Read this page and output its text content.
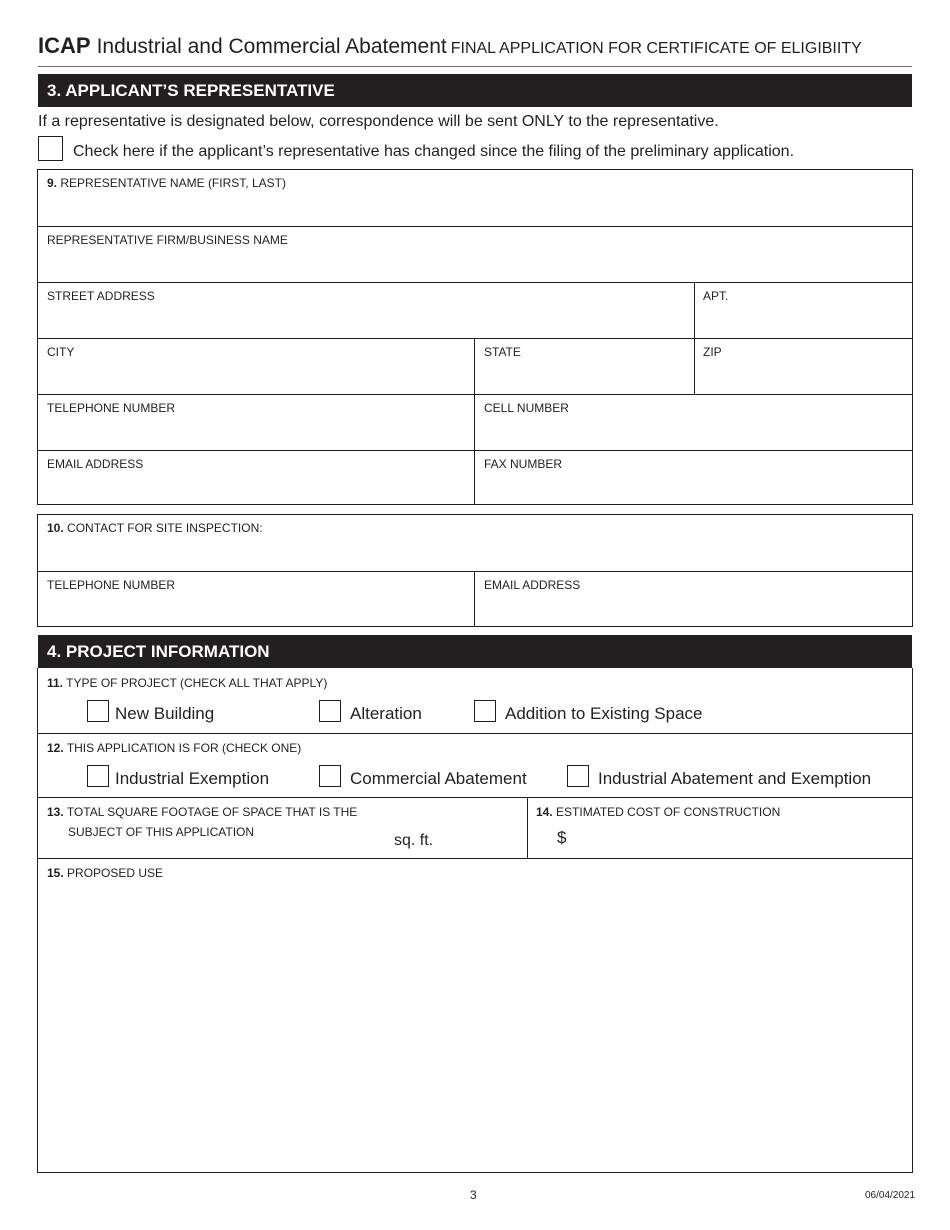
ICAP Industrial and Commercial Abatement FINAL APPLICATION FOR CERTIFICATE OF ELIGIBIITY
3. APPLICANT’S REPRESENTATIVE
If a representative is designated below, correspondence will be sent ONLY to the representative.
Check here if the applicant’s representative has changed since the filing of the preliminary application.
9. REPRESENTATIVE NAME (FIRST, LAST)
REPRESENTATIVE FIRM/BUSINESS NAME
STREET ADDRESS	APT.
CITY	STATE	ZIP
TELEPHONE NUMBER	CELL NUMBER
EMAIL ADDRESS	FAX NUMBER
10. CONTACT FOR SITE INSPECTION:
TELEPHONE NUMBER	EMAIL ADDRESS
4. PROJECT INFORMATION
11. TYPE OF PROJECT (CHECK ALL THAT APPLY)
New Building	Alteration	Addition to Existing Space
12. THIS APPLICATION IS FOR (CHECK ONE)
Industrial Exemption	Commercial Abatement	Industrial Abatement and Exemption
13. TOTAL SQUARE FOOTAGE OF SPACE THAT IS THE
SUBJECT OF THIS APPLICATION	sq. ft.
14. ESTIMATED COST OF CONSTRUCTION
$
15. PROPOSED USE
3	06/04/2021
